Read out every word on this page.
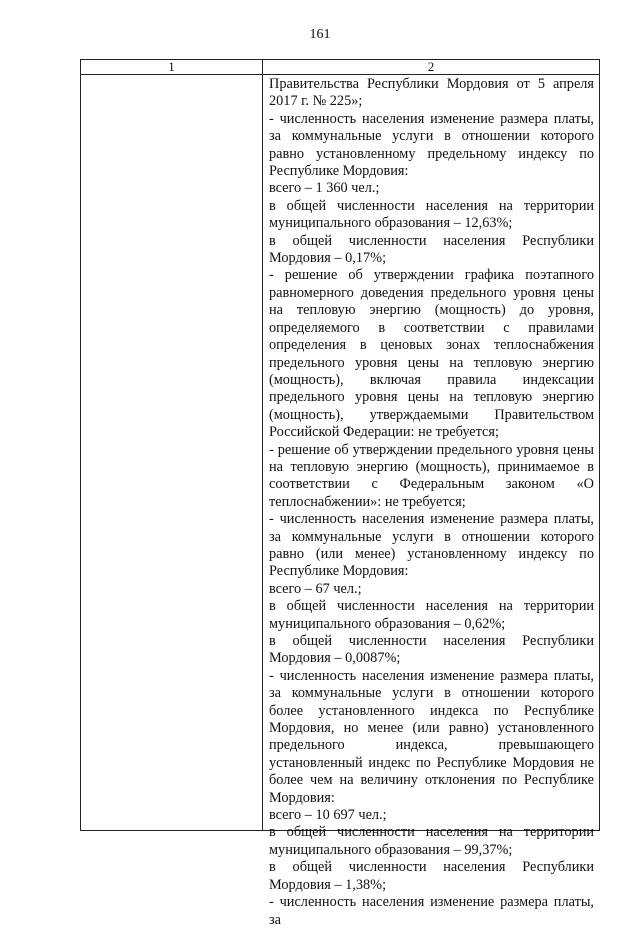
161
1	2
Правительства Республики Мордовия от 5 апреля 2017 г. № 225»;
- численность населения изменение размера платы, за коммунальные услуги в отношении которого равно установленному предельному индексу по Республике Мордовия:
всего – 1 360 чел.;
в общей численности населения на территории муниципального образования – 12,63%;
в общей численности населения Республики Мордовия – 0,17%;
- решение об утверждении графика поэтапного равномерного доведения предельного уровня цены на тепловую энергию (мощность) до уровня, определяемого в соответствии с правилами определения в ценовых зонах теплоснабжения предельного уровня цены на тепловую энергию (мощность), включая правила индексации предельного уровня цены на тепловую энергию (мощность), утверждаемыми Правительством Российской Федерации: не требуется;
- решение об утверждении предельного уровня цены на тепловую энергию (мощность), принимаемое в соответствии с Федеральным законом «О теплоснабжении»: не требуется;
- численность населения изменение размера платы, за коммунальные услуги в отношении которого равно (или менее) установленному индексу по Республике Мордовия:
всего – 67 чел.;
в общей численности населения на территории муниципального образования – 0,62%;
в общей численности населения Республики Мордовия – 0,0087%;
- численность населения изменение размера платы, за коммунальные услуги в отношении которого более установленного индекса по Республике Мордовия, но менее (или равно) установленного предельного индекса, превышающего установленный индекс по Республике Мордовия не более чем на величину отклонения по Республике Мордовия:
всего – 10 697 чел.;
в общей численности населения на территории муниципального образования – 99,37%;
в общей численности населения Республики Мордовия – 1,38%;
- численность населения изменение размера платы, за
